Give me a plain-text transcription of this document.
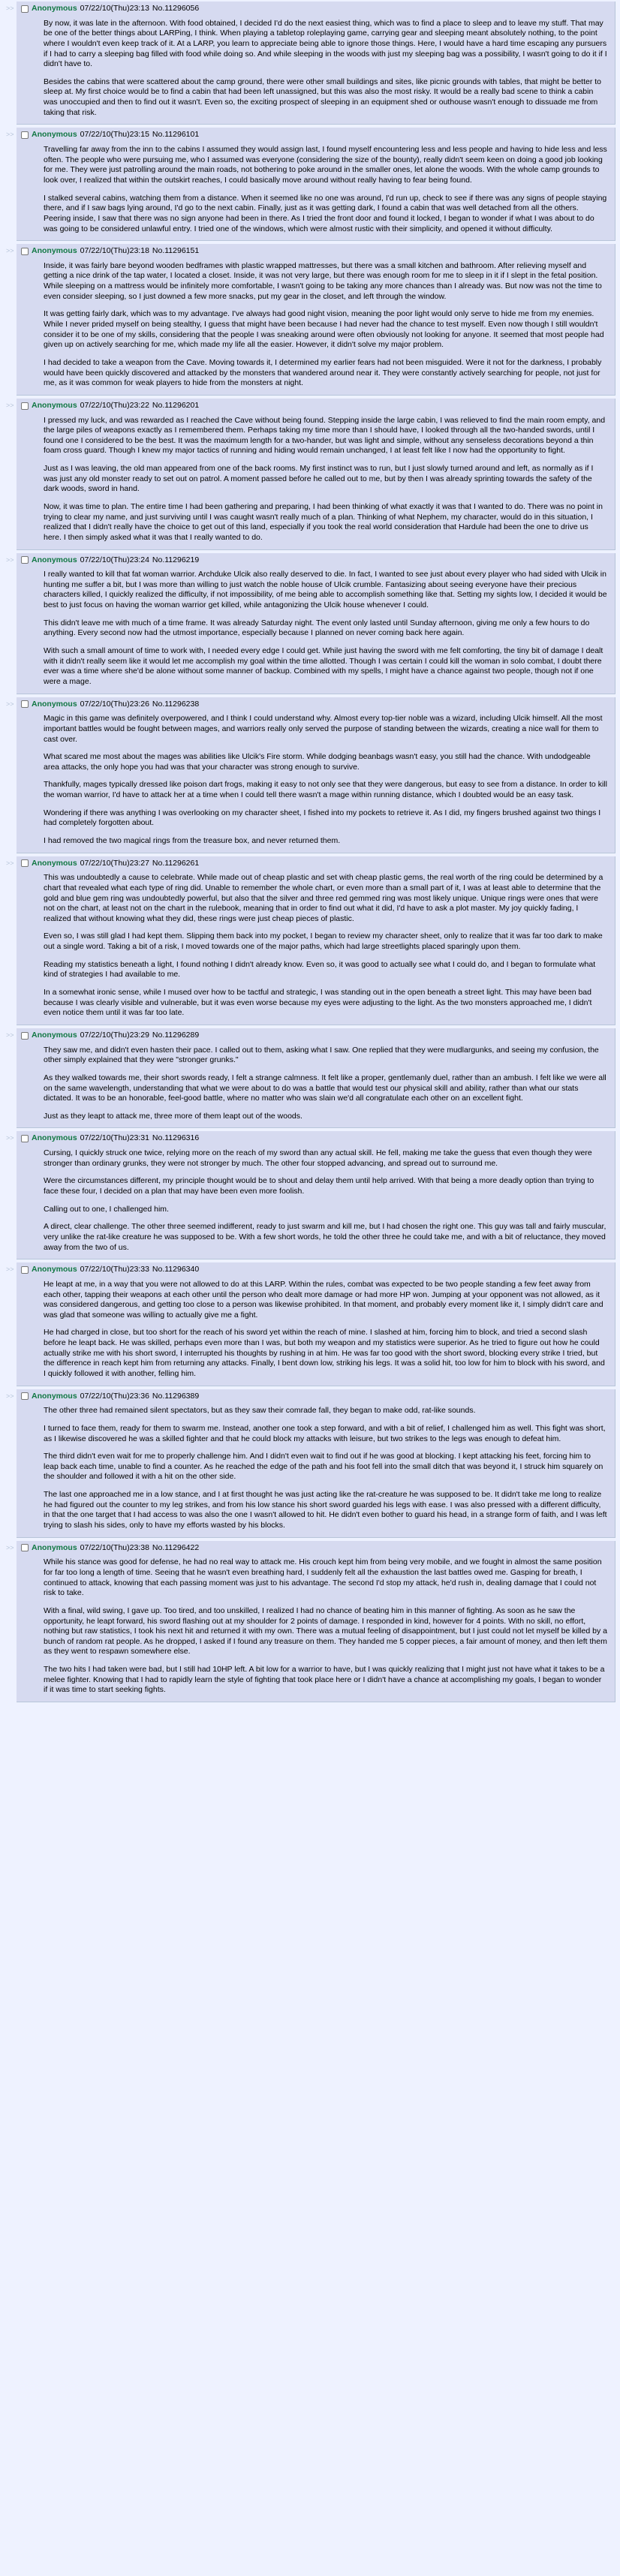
>>	Anonymous 07/22/10(Thu)23:13 No.11296056

By now, it was late in the afternoon. With food obtained, I decided I'd do the next easiest thing, which was to find a place to sleep and to leave my stuff. That may be one of the better things about LARPing, I think. When playing a tabletop roleplaying game, carrying gear and sleeping meant absolutely nothing, to the point where I wouldn't even keep track of it. At a LARP, you learn to appreciate being able to ignore those things. Here, I would have a hard time escaping any pursuers if I had to carry a sleeping bag filled with food while doing so. And while sleeping in the woods with just my sleeping bag was a possibility, I wasn't going to do it if I didn't have to.

Besides the cabins that were scattered about the camp ground, there were other small buildings and sites, like picnic grounds with tables, that might be better to sleep at. My first choice would be to find a cabin that had been left unassigned, but this was also the most risky. It would be a really bad scene to think a cabin was unoccupied and then to find out it wasn't. Even so, the exciting prospect of sleeping in an equipment shed or outhouse wasn't enough to dissuade me from taking that risk.

>>	Anonymous 07/22/10(Thu)23:15 No.11296101

Travelling far away from the inn to the cabins I assumed they would assign last, I found myself encountering less and less people and having to hide less and less often. The people who were pursuing me, who I assumed was everyone (considering the size of the bounty), really didn't seem keen on doing a good job looking for me. They were just patrolling around the main roads, not bothering to poke around in the smaller ones, let alone the woods. With the whole camp grounds to look over, I realized that within the outskirt reaches, I could basically move around without really having to fear being found.

I stalked several cabins, watching them from a distance. When it seemed like no one was around, I'd run up, check to see if there was any signs of people staying there, and if I saw bags lying around, I'd go to the next cabin. Finally, just as it was getting dark, I found a cabin that was well detached from all the others. Peering inside, I saw that there was no sign anyone had been in there. As I tried the front door and found it locked, I began to wonder if what I was about to do was going to be considered unlawful entry. I tried one of the windows, which were almost rustic with their simplicity, and opened it without difficulty.

>>	Anonymous 07/22/10(Thu)23:18 No.11296151

Inside, it was fairly bare beyond wooden bedframes with plastic wrapped mattresses, but there was a small kitchen and bathroom. After relieving myself and getting a nice drink of the tap water, I located a closet. Inside, it was not very large, but there was enough room for me to sleep in it if I slept in the fetal position. While sleeping on a mattress would be infinitely more comfortable, I wasn't going to be taking any more chances than I already was. But now was not the time to even consider sleeping, so I just downed a few more snacks, put my gear in the closet, and left through the window.

It was getting fairly dark, which was to my advantage. I've always had good night vision, meaning the poor light would only serve to hide me from my enemies. While I never prided myself on being stealthy, I guess that might have been because I had never had the chance to test myself. Even now though I still wouldn't consider it to be one of my skills, considering that the people I was sneaking around were often obviously not looking for anyone. It seemed that most people had given up on actively searching for me, which made my life all the easier. However, it didn't solve my major problem.

I had decided to take a weapon from the Cave. Moving towards it, I determined my earlier fears had not been misguided. Were it not for the darkness, I probably would have been quickly discovered and attacked by the monsters that wandered around near it. They were constantly actively searching for people, not just for me, as it was common for weak players to hide from the monsters at night.

>>	Anonymous 07/22/10(Thu)23:22 No.11296201

I pressed my luck, and was rewarded as I reached the Cave without being found. Stepping inside the large cabin, I was relieved to find the main room empty, and the large piles of weapons exactly as I remembered them. Perhaps taking my time more than I should have, I looked through all the two-handed swords, until I found one I considered to be the best. It was the maximum length for a two-hander, but was light and simple, without any senseless decorations beyond a thin foam cross guard. Though I knew my major tactics of running and hiding would remain unchanged, I at least felt like I now had the opportunity to fight.

Just as I was leaving, the old man appeared from one of the back rooms. My first instinct was to run, but I just slowly turned around and left, as normally as if I was just any old monster ready to set out on patrol. A moment passed before he called out to me, but by then I was already sprinting towards the safety of the dark woods, sword in hand.

Now, it was time to plan. The entire time I had been gathering and preparing, I had been thinking of what exactly it was that I wanted to do. There was no point in trying to clear my name, and just surviving until I was caught wasn't really much of a plan. Thinking of what Nephem, my character, would do in this situation, I realized that I didn't really have the choice to get out of this land, especially if you took the real world consideration that Hardule had been the one to drive us here. I then simply asked what it was that I really wanted to do.

>>	Anonymous 07/22/10(Thu)23:24 No.11296219

I really wanted to kill that fat woman warrior. Archduke Ulcik also really deserved to die. In fact, I wanted to see just about every player who had sided with Ulcik in hunting me suffer a bit, but I was more than willing to just watch the noble house of Ulcik crumble. Fantasizing about seeing everyone have their precious characters killed, I quickly realized the difficulty, if not impossibility, of me being able to accomplish something like that. Setting my sights low, I decided it would be best to just focus on having the woman warrior get killed, while antagonizing the Ulcik house whenever I could.

This didn't leave me with much of a time frame. It was already Saturday night. The event only lasted until Sunday afternoon, giving me only a few hours to do anything. Every second now had the utmost importance, especially because I planned on never coming back here again.

With such a small amount of time to work with, I needed every edge I could get. While just having the sword with me felt comforting, the tiny bit of damage I dealt with it didn't really seem like it would let me accomplish my goal within the time allotted. Though I was certain I could kill the woman in solo combat, I doubt there ever was a time where she'd be alone without some manner of backup. Combined with my spells, I might have a chance against two people, though not if one were a mage.

>>	Anonymous 07/22/10(Thu)23:26 No.11296238

Magic in this game was definitely overpowered, and I think I could understand why. Almost every top-tier noble was a wizard, including Ulcik himself. All the most important battles would be fought between mages, and warriors really only served the purpose of standing between the wizards, creating a nice wall for them to cast over.

What scared me most about the mages was abilities like Ulcik's Fire storm. While dodging beanbags wasn't easy, you still had the chance. With undodgeable area attacks, the only hope you had was that your character was strong enough to survive.

Thankfully, mages typically dressed like poison dart frogs, making it easy to not only see that they were dangerous, but easy to see from a distance. In order to kill the woman warrior, I'd have to attack her at a time when I could tell there wasn't a mage within running distance, which I doubted would be an easy task.

Wondering if there was anything I was overlooking on my character sheet, I fished into my pockets to retrieve it. As I did, my fingers brushed against two things I had completely forgotten about.

I had removed the two magical rings from the treasure box, and never returned them.

>>	Anonymous 07/22/10(Thu)23:27 No.11296261

This was undoubtedly a cause to celebrate. While made out of cheap plastic and set with cheap plastic gems, the real worth of the ring could be determined by a chart that revealed what each type of ring did. Unable to remember the whole chart, or even more than a small part of it, I was at least able to determine that the gold and blue gem ring was undoubtedly powerful, but also that the silver and three red gemmed ring was most likely unique. Unique rings were ones that were not on the chart, at least not on the chart in the rulebook, meaning that in order to find out what it did, I'd have to ask a plot master. My joy quickly fading, I realized that without knowing what they did, these rings were just cheap pieces of plastic.

Even so, I was still glad I had kept them. Slipping them back into my pocket, I began to review my character sheet, only to realize that it was far too dark to make out a single word. Taking a bit of a risk, I moved towards one of the major paths, which had large streetlights placed sparingly upon them.

Reading my statistics beneath a light, I found nothing I didn't already know. Even so, it was good to actually see what I could do, and I began to formulate what kind of strategies I had available to me.

In a somewhat ironic sense, while I mused over how to be tactful and strategic, I was standing out in the open beneath a street light. This may have been bad because I was clearly visible and vulnerable, but it was even worse because my eyes were adjusting to the light. As the two monsters approached me, I didn't even notice them until it was far too late.

>>	Anonymous 07/22/10(Thu)23:29 No.11296289

They saw me, and didn't even hasten their pace. I called out to them, asking what I saw. One replied that they were mudlargunks, and seeing my confusion, the other simply explained that they were "stronger grunks."

As they walked towards me, their short swords ready, I felt a strange calmness. It felt like a proper, gentlemanly duel, rather than an ambush. I felt like we were all on the same wavelength, understanding that what we were about to do was a battle that would test our physical skill and ability, rather than what our stats dictated. It was to be an honorable, feel-good battle, where no matter who was slain we'd all congratulate each other on an excellent fight.

Just as they leapt to attack me, three more of them leapt out of the woods.

>>	Anonymous 07/22/10(Thu)23:31 No.11296316

Cursing, I quickly struck one twice, relying more on the reach of my sword than any actual skill. He fell, making me take the guess that even though they were stronger than ordinary grunks, they were not stronger by much. The other four stopped advancing, and spread out to surround me.

Were the circumstances different, my principle thought would be to shout and delay them until help arrived. With that being a more deadly option than trying to face these four, I decided on a plan that may have been even more foolish.

Calling out to one, I challenged him.

A direct, clear challenge. The other three seemed indifferent, ready to just swarm and kill me, but I had chosen the right one. This guy was tall and fairly muscular, very unlike the rat-like creature he was supposed to be. With a few short words, he told the other three he could take me, and with a bit of reluctance, they moved away from the two of us.

>>	Anonymous 07/22/10(Thu)23:33 No.11296340

He leapt at me, in a way that you were not allowed to do at this LARP. Within the rules, combat was expected to be two people standing a few feet away from each other, tapping their weapons at each other until the person who dealt more damage or had more HP won. Jumping at your opponent was not allowed, as it was considered dangerous, and getting too close to a person was likewise prohibited. In that moment, and probably every moment like it, I simply didn't care and was glad that someone was willing to actually give me a fight.

He had charged in close, but too short for the reach of his sword yet within the reach of mine. I slashed at him, forcing him to block, and tried a second slash before he leapt back. He was skilled, perhaps even more than I was, but both my weapon and my statistics were superior. As he tried to figure out how he could actually strike me with his short sword, I interrupted his thoughts by rushing in at him. He was far too good with the short sword, blocking every strike I tried, but the difference in reach kept him from returning any attacks. Finally, I bent down low, striking his legs. It was a solid hit, too low for him to block with his sword, and I quickly followed it with another, felling him.

>>	Anonymous 07/22/10(Thu)23:36 No.11296389

The other three had remained silent spectators, but as they saw their comrade fall, they began to make odd, rat-like sounds.

I turned to face them, ready for them to swarm me. Instead, another one took a step forward, and with a bit of relief, I challenged him as well. This fight was short, as I likewise discovered he was a skilled fighter and that he could block my attacks with leisure, but two strikes to the legs was enough to defeat him.

The third didn't even wait for me to properly challenge him. And I didn't even wait to find out if he was good at blocking. I kept attacking his feet, forcing him to leap back each time, unable to find a counter. As he reached the edge of the path and his foot fell into the small ditch that was beyond it, I struck him squarely on the shoulder and followed it with a hit on the other side.

The last one approached me in a low stance, and I at first thought he was just acting like the rat-creature he was supposed to be. It didn't take me long to realize he had figured out the counter to my leg strikes, and from his low stance his short sword guarded his legs with ease. I was also pressed with a different difficulty, in that the one target that I had access to was also the one I wasn't allowed to hit. He didn't even bother to guard his head, in a strange form of faith, and I was left trying to slash his sides, only to have my efforts wasted by his blocks.

>>	Anonymous 07/22/10(Thu)23:38 No.11296422

While his stance was good for defense, he had no real way to attack me. His crouch kept him from being very mobile, and we fought in almost the same position for far too long a length of time. Seeing that he wasn't even breathing hard, I suddenly felt all the exhaustion the last battles owed me. Gasping for breath, I continued to attack, knowing that each passing moment was just to his advantage. The second I'd stop my attack, he'd rush in, dealing damage that I could not risk to take.

With a final, wild swing, I gave up. Too tired, and too unskilled, I realized I had no chance of beating him in this manner of fighting. As soon as he saw the opportunity, he leapt forward, his sword flashing out at my shoulder for 2 points of damage. I responded in kind, however for 4 points. With no skill, no effort, nothing but raw statistics, I took his next hit and returned it with my own. There was a mutual feeling of disappointment, but I just could not let myself be killed by a bunch of random rat people. As he dropped, I asked if I found any treasure on them. They handed me 5 copper pieces, a fair amount of money, and then left them as they went to respawn somewhere else.

The two hits I had taken were bad, but I still had 10HP left. A bit low for a warrior to have, but I was quickly realizing that I might just not have what it takes to be a melee fighter. Knowing that I had to rapidly learn the style of fighting that took place here or I didn't have a chance at accomplishing my goals, I began to wonder if it was time to start seeking fights.
